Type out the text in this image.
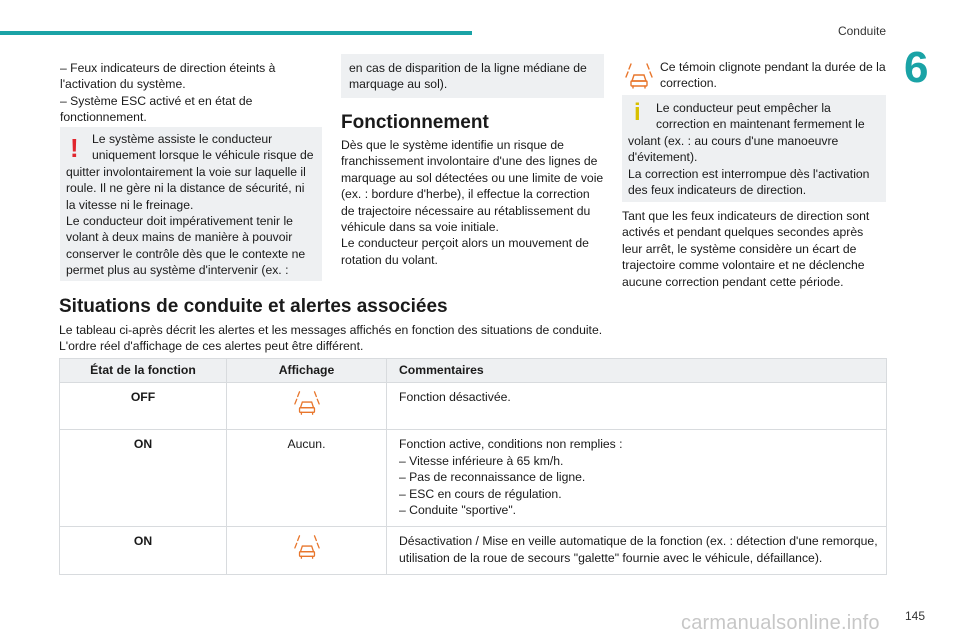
Conduite
6

– Feux indicateurs de direction éteints à

l'activation du système.

– Système ESC activé et en état de

fonctionnement.

! Le système assiste le conducteur

uniquement lorsque le véhicule risque de

quitter involontairement la voie sur laquelle il

roule. Il ne gère ni la distance de sécurité, ni

la vitesse ni le freinage.

Le conducteur doit impérativement tenir le

volant à deux mains de manière à pouvoir

conserver le contrôle dès que le contexte ne

permet plus au système d'intervenir (ex. :

en cas de disparition de la ligne médiane de

marquage au sol).

Fonctionnement

Dès que le système identifie un risque de

franchissement involontaire d'une des lignes de

marquage au sol détectées ou une limite de voie

(ex. : bordure d'herbe), il effectue la correction

de trajectoire nécessaire au rétablissement du

véhicule dans sa voie initiale.

Le conducteur perçoit alors un mouvement de

rotation du volant.

Ce témoin clignote pendant la durée de la

correction.

i Le conducteur peut empêcher la

correction en maintenant fermement le

volant (ex. : au cours d'une manoeuvre

d'évitement).

La correction est interrompue dès l'activation

des feux indicateurs de direction.

Tant que les feux indicateurs de direction sont

activés et pendant quelques secondes après

leur arrêt, le système considère un écart de

trajectoire comme volontaire et ne déclenche

aucune correction pendant cette période.

Situations de conduite et alertes associées

Le tableau ci-après décrit les alertes et les messages affichés en fonction des situations de conduite.

L'ordre réel d'affichage de ces alertes peut être différent.

État de la fonction	Affichage	Commentaires
OFF		Fonction désactivée.

ON	Aucun.	Fonction active, conditions non remplies :

– Vitesse inférieure à 65 km/h.

– Pas de reconnaissance de ligne.

– ESC en cours de régulation.

– Conduite "sportive".

ON		Désactivation / Mise en veille automatique de la fonction (ex. : détection d'une remorque,

utilisation de la roue de secours "galette" fournie avec le véhicule, défaillance).

carmanualsonline.info 145
